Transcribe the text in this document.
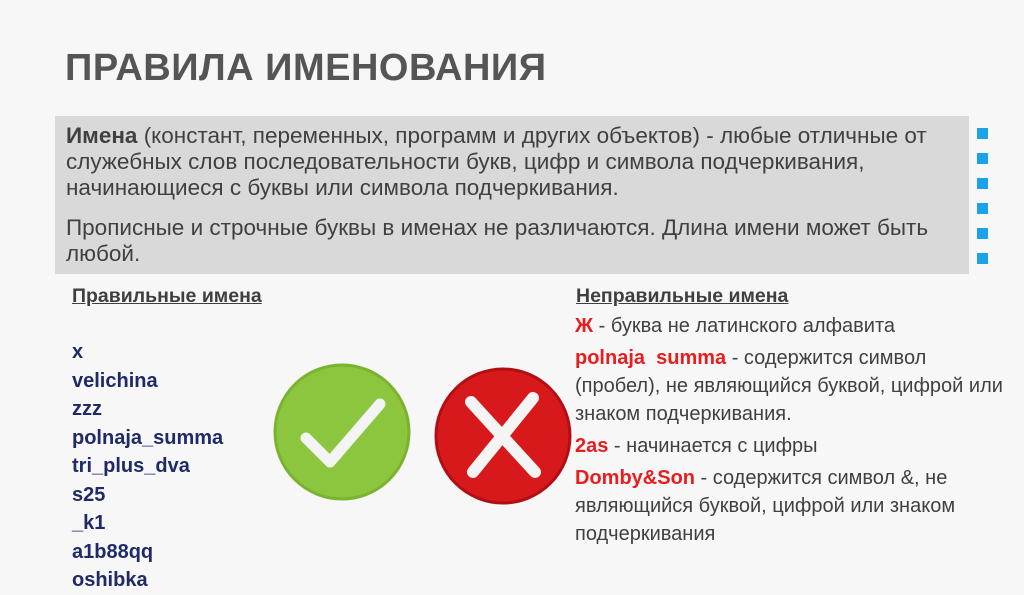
ПРАВИЛА ИМЕНОВАНИЯ

Имена (констант, переменных, программ и других объектов) - любые отличные от служебных слов последовательности букв, цифр и символа подчеркивания, начинающиеся с буквы или символа подчеркивания.

Прописные и строчные буквы в именах не различаются. Длина имени может быть любой.

Правильные имена

x
velichina
zzz
polnaja_summa
tri_plus_dva
s25
_k1
a1b88qq
oshibka

Неправильные имена

Ж - буква не латинского алфавита

polnaja  summa - содержится символ (пробел), не являющийся буквой, цифрой или знаком подчеркивания.

2as - начинается с цифры

Domby&Son - содержится символ &, не являющийся буквой, цифрой или знаком подчеркивания
